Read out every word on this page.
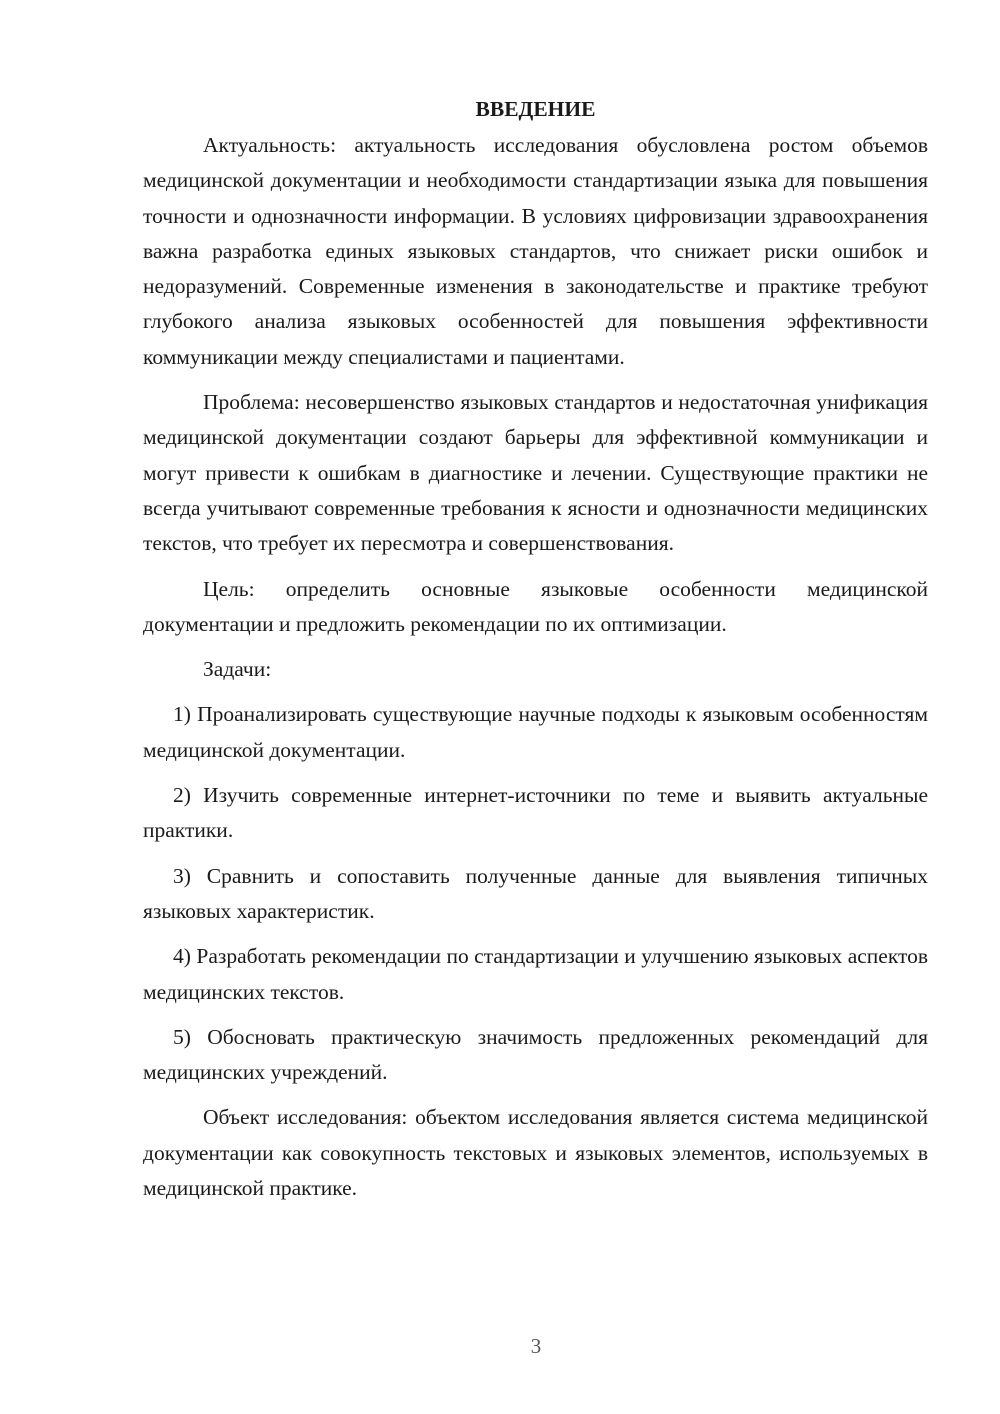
ВВЕДЕНИЕ

Актуальность: актуальность исследования обусловлена ростом объемов медицинской документации и необходимости стандартизации языка для повышения точности и однозначности информации. В условиях цифровизации здравоохранения важна разработка единых языковых стандартов, что снижает риски ошибок и недоразумений. Современные изменения в законодательстве и практике требуют глубокого анализа языковых особенностей для повышения эффективности коммуникации между специалистами и пациентами.

Проблема: несовершенство языковых стандартов и недостаточная унификация медицинской документации создают барьеры для эффективной коммуникации и могут привести к ошибкам в диагностике и лечении. Существующие практики не всегда учитывают современные требования к ясности и однозначности медицинских текстов, что требует их пересмотра и совершенствования.

Цель: определить основные языковые особенности медицинской документации и предложить рекомендации по их оптимизации.

Задачи:

1) Проанализировать существующие научные подходы к языковым особенностям медицинской документации.

2) Изучить современные интернет-источники по теме и выявить актуальные практики.

3) Сравнить и сопоставить полученные данные для выявления типичных языковых характеристик.

4) Разработать рекомендации по стандартизации и улучшению языковых аспектов медицинских текстов.

5) Обосновать практическую значимость предложенных рекомендаций для медицинских учреждений.

Объект исследования: объектом исследования является система медицинской документации как совокупность текстовых и языковых элементов, используемых в медицинской практике.

3
